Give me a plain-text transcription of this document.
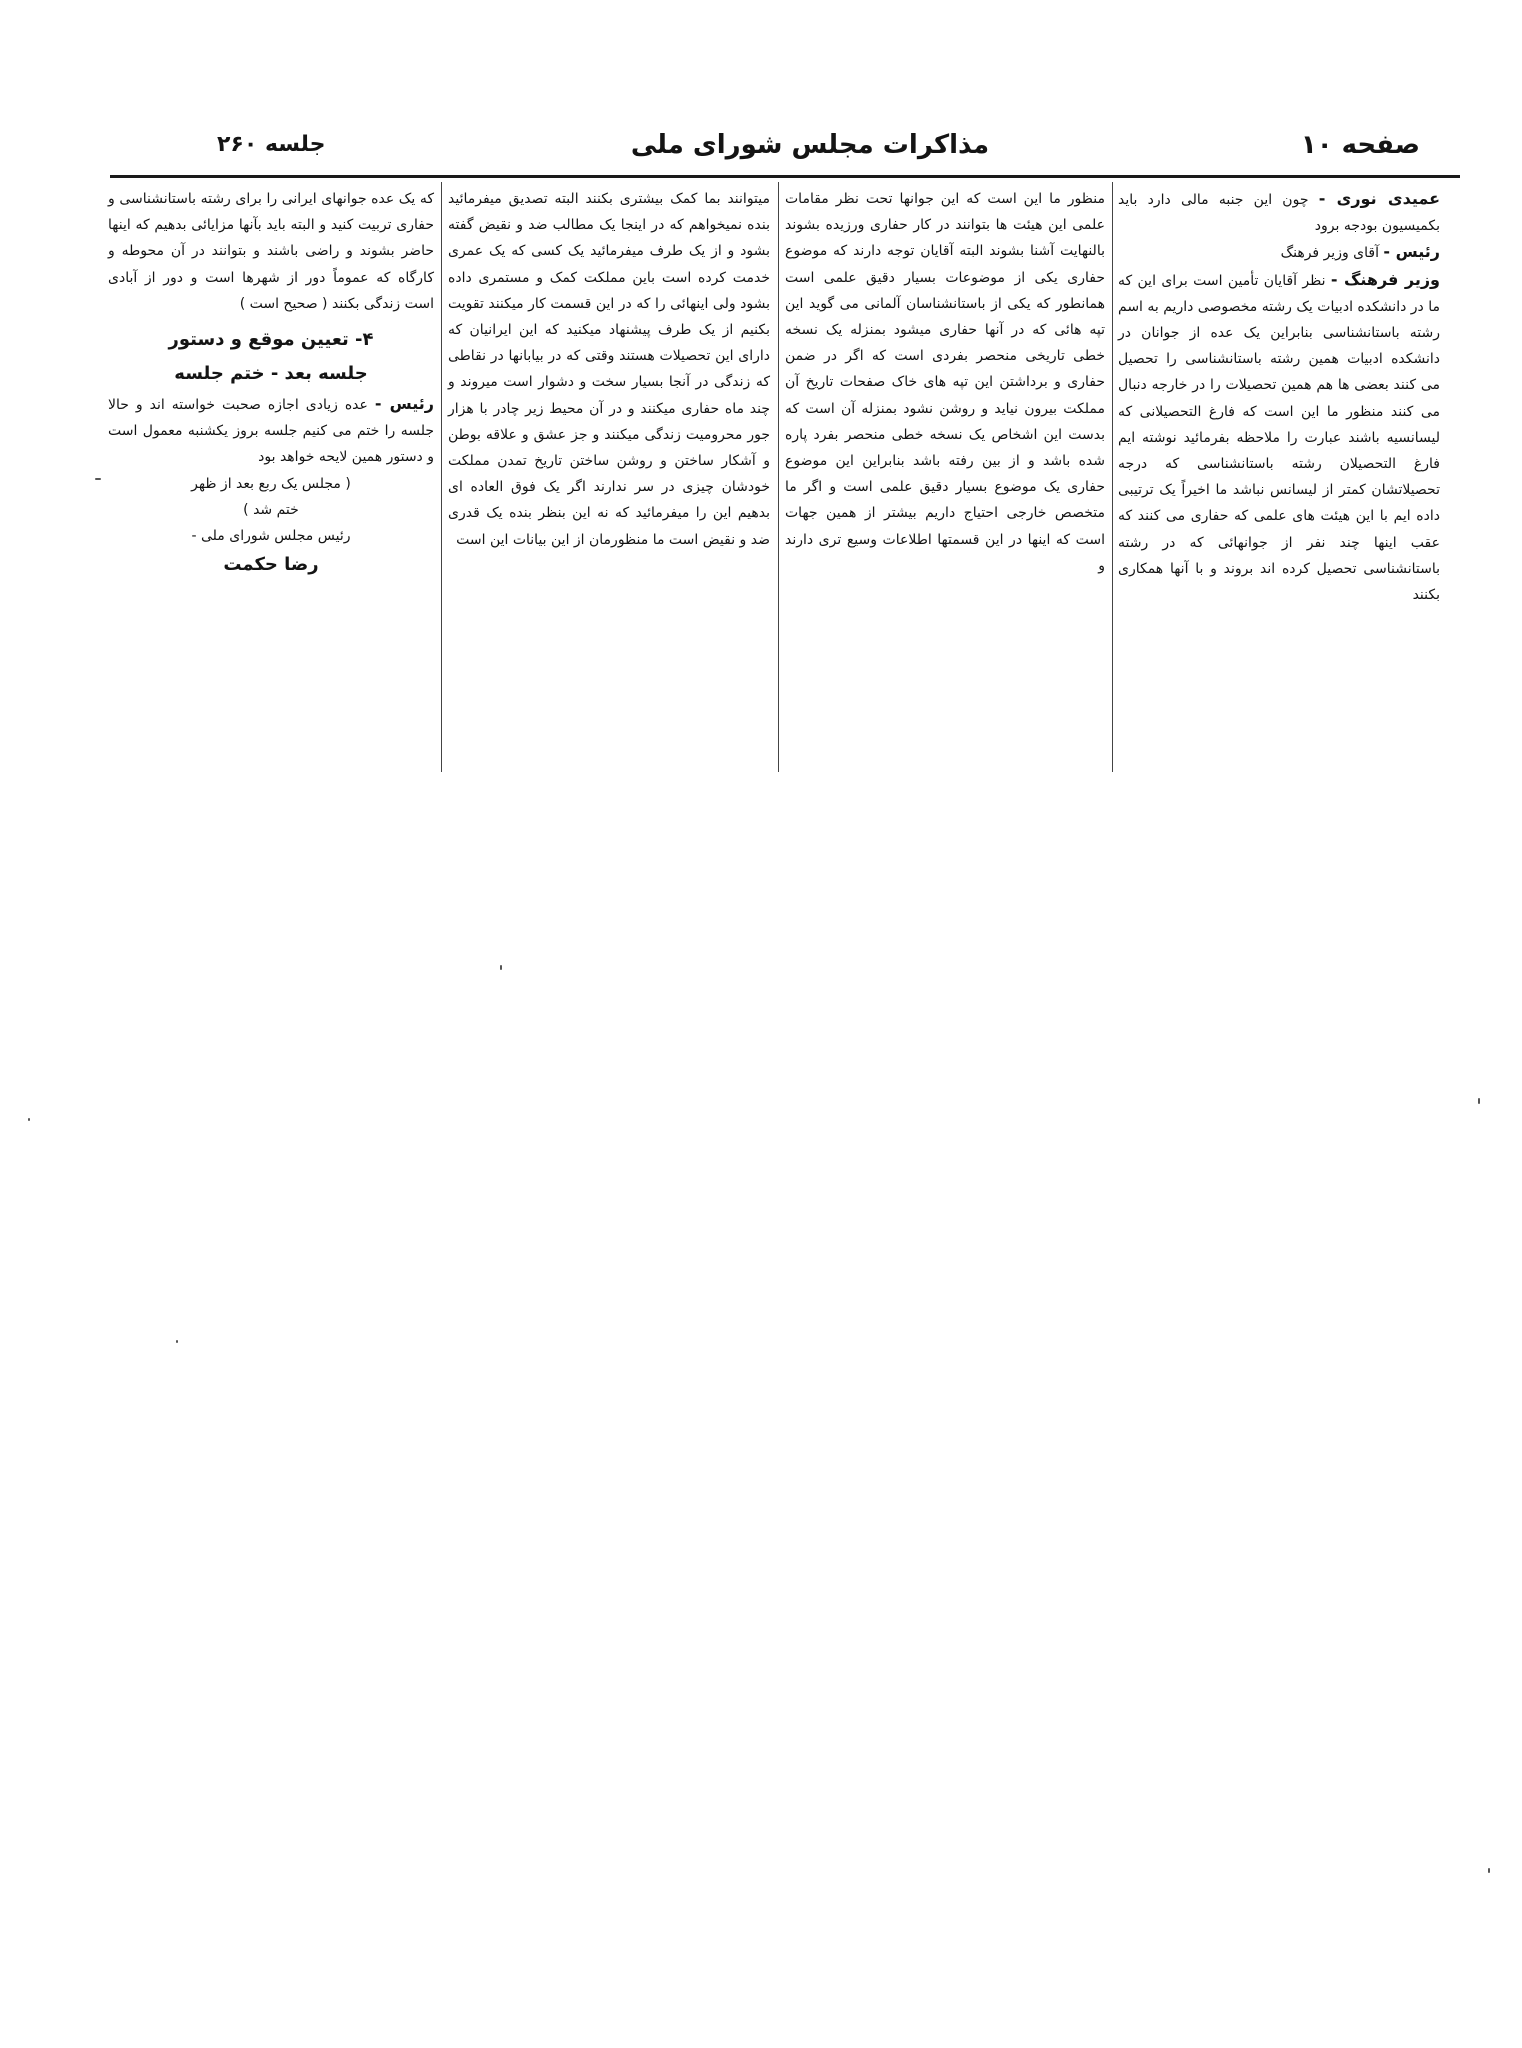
جلسه ۲۶۰	مذاکرات مجلس شورای ملی	صفحه ۱۰

عمیدی نوری - چون این جنبه مالی دارد باید بکمیسیون بودجه برود

رئیس - آقای وزیر فرهنگ

وزیر فرهنگ - نظر آقایان تأمین است برای این که ما در دانشکده ادبیات یک رشته مخصوصی داریم به اسم رشته باستانشناسی بنابراین یک عده از جوانان در دانشکده ادبیات همین رشته باستانشناسی را تحصیل می کنند بعضی ها هم همین تحصیلات را در خارجه دنبال می کنند منظور ما این است که فارغ التحصیلانی که لیسانسیه باشند عبارت را ملاحظه بفرمائید نوشته ایم فارغ التحصیلان رشته باستانشناسی که درجه تحصیلاتشان کمتر از لیسانس نباشد ما اخیراً یک ترتیبی داده ایم با این هیئت های علمی که حفاری می کنند که عقب اینها چند نفر از جوانهائی که در رشته باستانشناسی تحصیل کرده اند بروند و با آنها همکاری بکنند

منظور ما این است که این جوانها تحت نظر مقامات علمی این هیئت ها بتوانند در کار حفاری ورزیده بشوند بالنهایت آشنا بشوند البته آقایان توجه دارند که موضوع حفاری یکی از موضوعات بسیار دقیق علمی است همانطور که یکی از باستانشناسان آلمانی می گوید این تپه هائی که در آنها حفاری میشود بمنزله یک نسخه خطی تاریخی منحصر بفردی است که اگر در ضمن حفاری و برداشتن این تپه های خاک صفحات تاریخ آن مملکت بیرون نیاید و روشن نشود بمنزله آن است که بدست این اشخاص یک نسخه خطی منحصر بفرد پاره شده باشد و از بین رفته باشد بنابراین این موضوع حفاری یک موضوع بسیار دقیق علمی است و اگر ما متخصص خارجی احتیاج داریم بیشتر از همین جهات است که اینها در این قسمتها اطلاعات وسیع تری دارند و

میتوانند بما کمک بیشتری بکنند البته تصدیق میفرمائید بنده نمیخواهم که در اینجا یک مطالب ضد و نقیض گفته بشود و از یک طرف میفرمائید یک کسی که یک عمری خدمت کرده است باین مملکت کمک و مستمری داده بشود ولی اینهائی را که در این قسمت کار میکنند تقویت بکنیم از یک طرف پیشنهاد میکنید که این ایرانیان که دارای این تحصیلات هستند وقتی که در بیابانها در نقاطی که زندگی در آنجا بسیار سخت و دشوار است میروند و چند ماه حفاری میکنند و در آن محیط زیر چادر با هزار جور محرومیت زندگی میکنند و جز عشق و علاقه بوطن و آشکار ساختن و روشن ساختن تاریخ تمدن مملکت خودشان چیزی در سر ندارند اگر یک فوق العاده ای بدهیم این را میفرمائید که نه این بنظر بنده یک قدری ضد و نقیض است ما منظورمان از این بیانات این است

که یک عده جوانهای ایرانی را برای رشته باستانشناسی و حفاری تربیت کنید و البته باید بآنها مزایائی بدهیم که اینها حاضر بشوند و راضی باشند و بتوانند در آن محوطه و کارگاه که عموماً دور از شهرها است و دور از آبادی است زندگی بکنند ( صحیح است )

۴- تعیین موقع و دستور

جلسه بعد - ختم جلسه

رئیس - عده زیادی اجازه صحبت خواسته اند و حالا جلسه را ختم می کنیم جلسه بروز یکشنبه معمول است و دستور همین لایحه خواهد بود

( مجلس یک ربع بعد از ظهر

ختم شد )

رئیس مجلس شورای ملی -

رضا حکمت
